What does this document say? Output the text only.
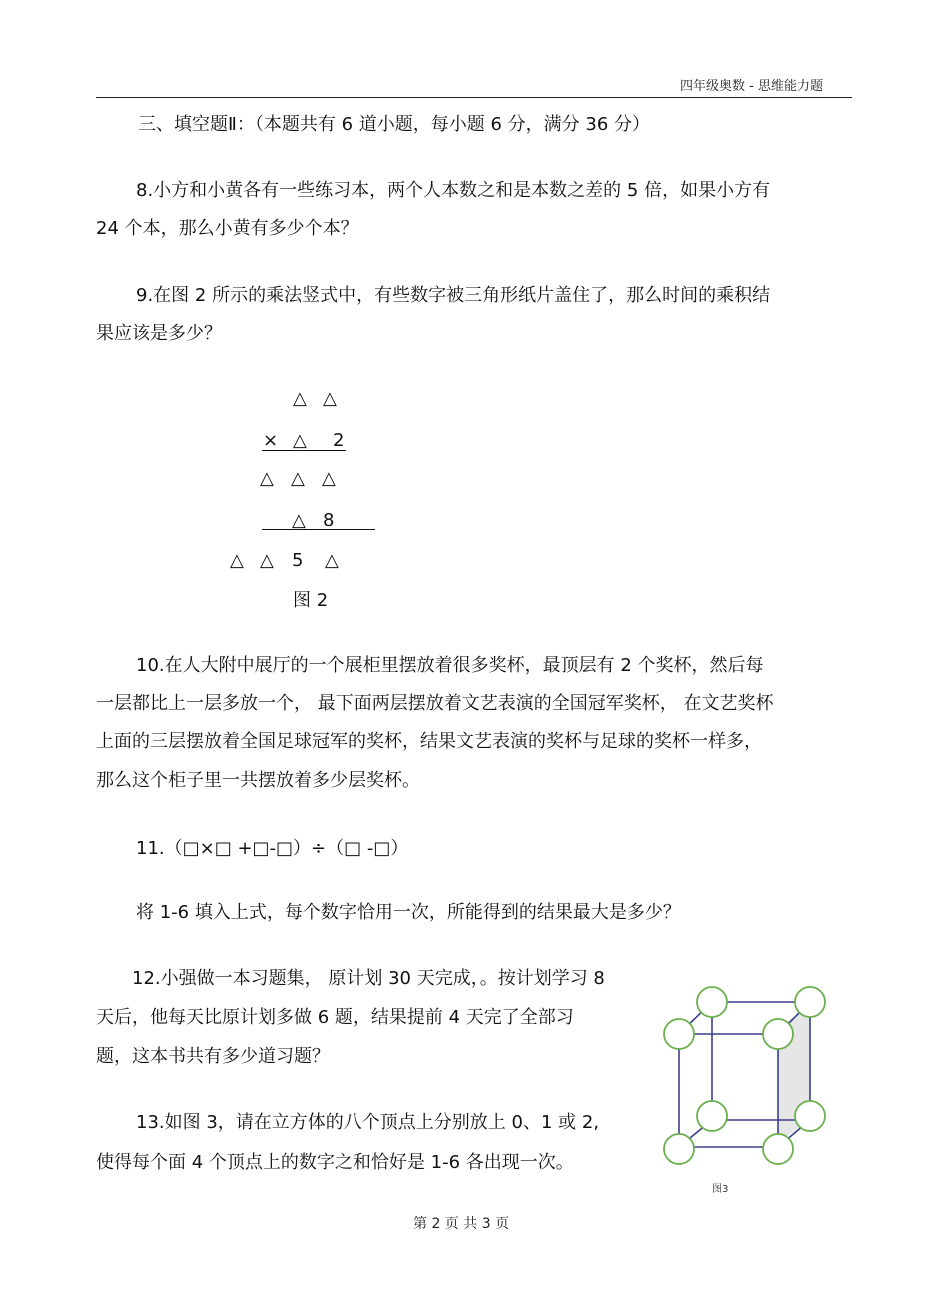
四年级奥数 - 思维能力题
三、填空题Ⅱ：（本题共有 6 道小题，每小题 6 分，满分 36 分）
8.小方和小黄各有一些练习本，两个人本数之和是本数之差的 5 倍，如果小方有
24 个本，那么小黄有多少个本？
9.在图 2 所示的乘法竖式中，有些数字被三角形纸片盖住了，那么时间的乘积结
果应该是多少？
△ △
× △ 2
△ △ △
△ 8
△ △ 5 △
图 2
10.在人大附中展厅的一个展柜里摆放着很多奖杯，最顶层有 2 个奖杯，然后每
一层都比上一层多放一个， 最下面两层摆放着文艺表演的全国冠军奖杯， 在文艺奖杯
上面的三层摆放着全国足球冠军的奖杯，结果文艺表演的奖杯与足球的奖杯一样多，
那么这个柜子里一共摆放着多少层奖杯。
11.（□×□ +□-□）÷（□ -□）
将 1-6 填入上式，每个数字恰用一次，所能得到的结果最大是多少？
12.小强做一本习题集， 原计划 30 天完成，。按计划学习 8
天后，他每天比原计划多做 6 题，结果提前 4 天完了全部习
题，这本书共有多少道习题？
13.如图 3，请在立方体的八个顶点上分别放上 0、1 或 2,
使得每个面 4 个顶点上的数字之和恰好是 1-6 各出现一次。
图3
第 2 页 共 3 页
